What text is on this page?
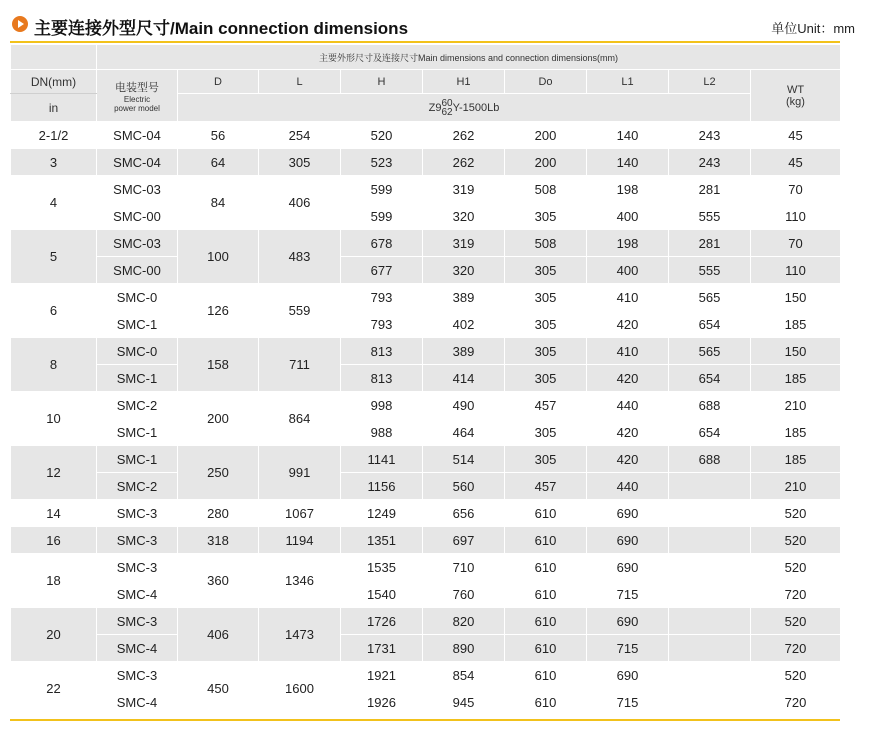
主要连接外型尺寸/Main connection dimensions	单位Unit：mm
	主要外形尺寸及连接尺寸Main dimensions and connection dimensions(mm)								
DN(mm)	电装型号
Electric
power model	D	L	H	H1	Do	L1	L2	WT
(kg)

in		Z9 60
62 Y-1500Lb							
2-1/2	SMC-04	56	254	520	262	200	140	243	45
3	SMC-04	64	305	523	262	200	140	243	45
4	SMC-03	84	406	599	319	508	198	281	70
	SMC-00			599	320	305	400	555	110
5	SMC-03	100	483	678	319	508	198	281	70
	SMC-00			677	320	305	400	555	110
6	SMC-0	126	559	793	389	305	410	565	150
	SMC-1			793	402	305	420	654	185
8	SMC-0	158	711	813	389	305	410	565	150
	SMC-1			813	414	305	420	654	185
10	SMC-2	200	864	998	490	457	440	688	210
	SMC-1			988	464	305	420	654	185
12	SMC-1	250	991	1141	514	305	420	688	185
	SMC-2			1156	560	457	440		210
14	SMC-3	280	1067	1249	656	610	690		520
16	SMC-3	318	1194	1351	697	610	690		520
18	SMC-3	360	1346	1535	710	610	690		520
	SMC-4			1540	760	610	715		720
20	SMC-3	406	1473	1726	820	610	690		520
	SMC-4			1731	890	610	715		720
22	SMC-3	450	1600	1921	854	610	690		520
	SMC-4			1926	945	610	715		720
